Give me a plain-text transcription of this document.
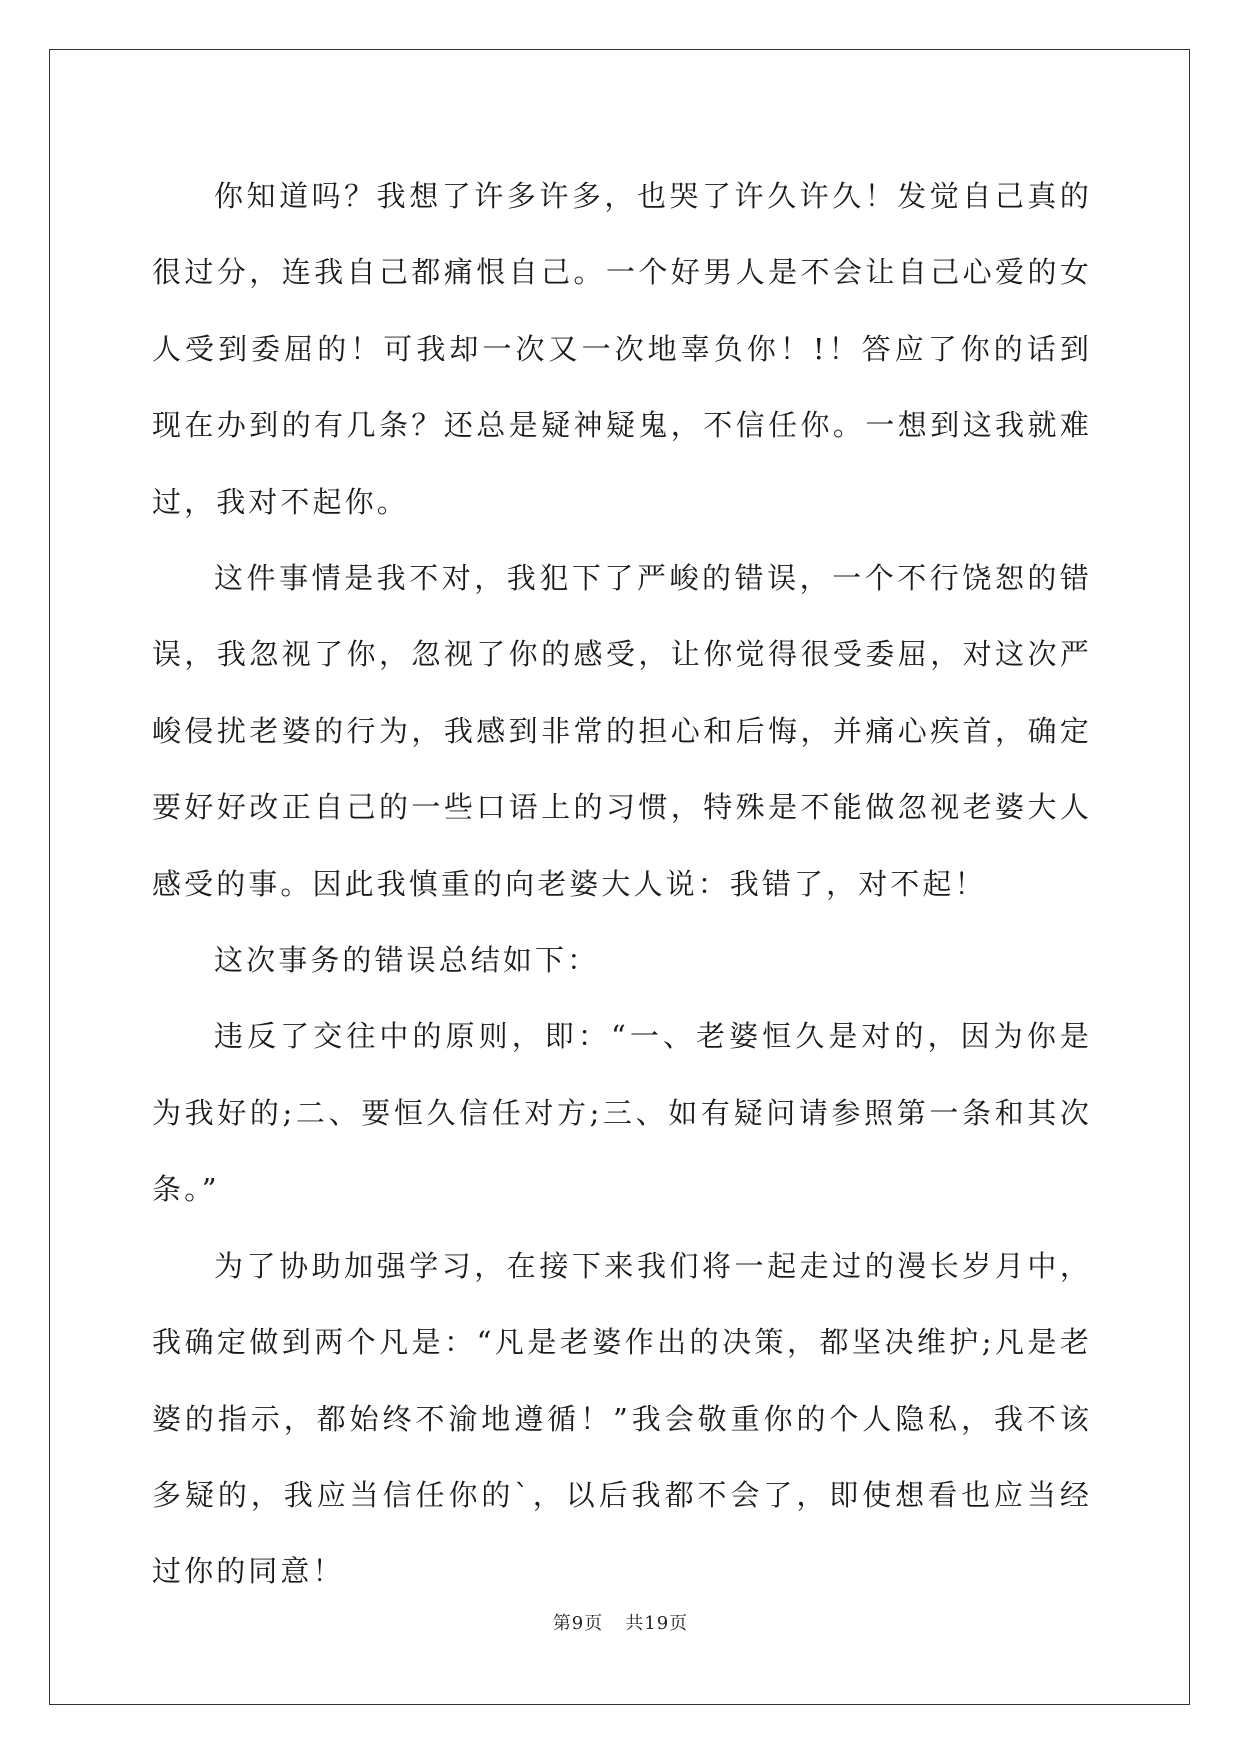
你知道吗？我想了许多许多，也哭了许久许久！发觉自己真的很过分，连我自己都痛恨自己。一个好男人是不会让自己心爱的女人受到委屈的！可我却一次又一次地辜负你！!！答应了你的话到现在办到的有几条？还总是疑神疑鬼，不信任你。一想到这我就难过，我对不起你。

这件事情是我不对，我犯下了严峻的错误，一个不行饶恕的错误，我忽视了你，忽视了你的感受，让你觉得很受委屈，对这次严峻侵扰老婆的行为，我感到非常的担心和后悔，并痛心疾首，确定要好好改正自己的一些口语上的习惯，特殊是不能做忽视老婆大人感受的事。因此我慎重的向老婆大人说：我错了，对不起！

这次事务的错误总结如下：

违反了交往中的原则，即：“一、老婆恒久是对的，因为你是为我好的;二、要恒久信任对方;三、如有疑问请参照第一条和其次条。”

为了协助加强学习，在接下来我们将一起走过的漫长岁月中，我确定做到两个凡是：“凡是老婆作出的决策，都坚决维护;凡是老婆的指示，都始终不渝地遵循！”我会敬重你的个人隐私，我不该多疑的，我应当信任你的`，以后我都不会了，即使想看也应当经过你的同意！

第9页 共19页
